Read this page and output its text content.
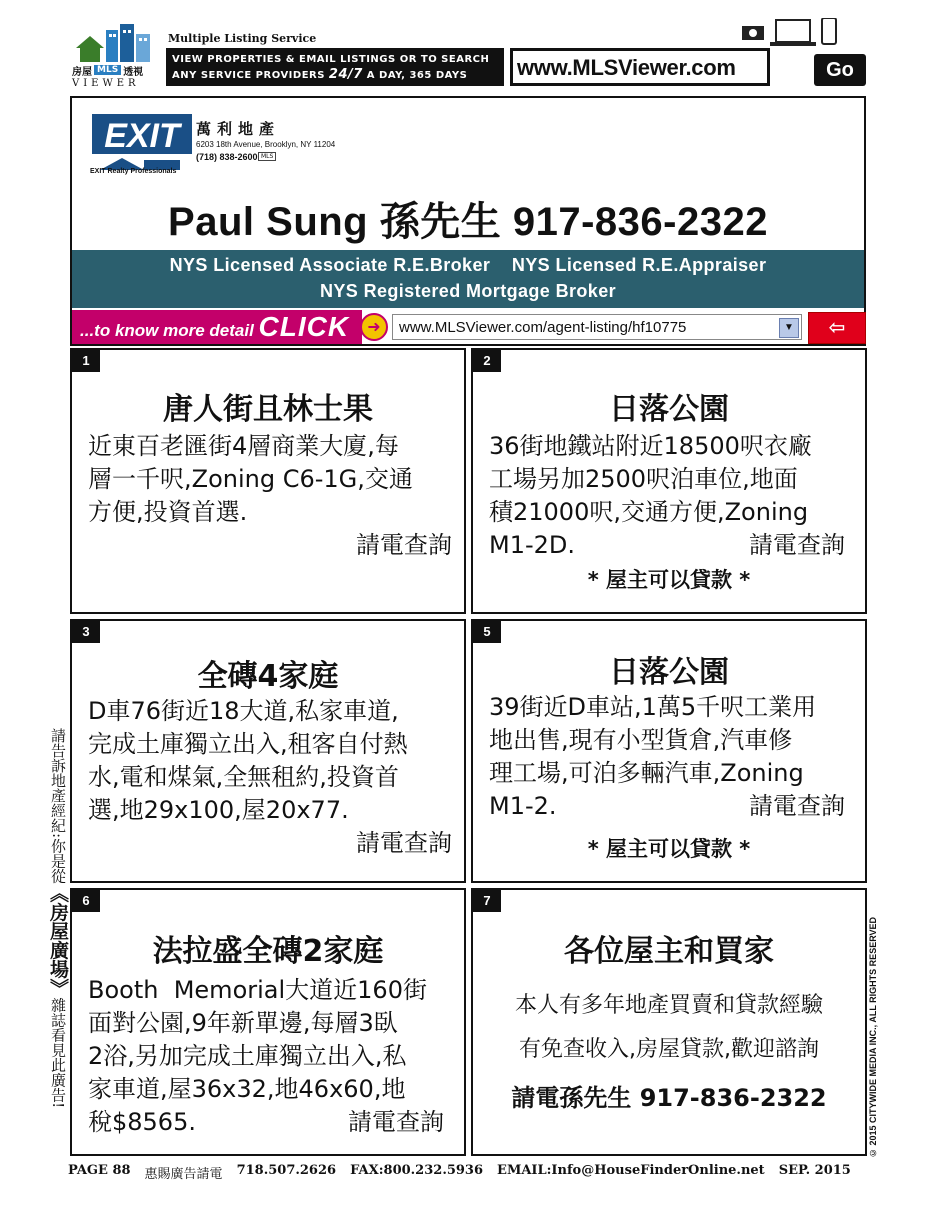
房屋 MLS 透視
VIEWER
Multiple Listing Service
VIEW PROPERTIES & EMAIL LISTINGS OR TO SEARCH
ANY SERVICE PROVIDERS 24/7 A DAY, 365 DAYS	www.MLSViewer.com	Go
EXIT
EXIT Realty Professionals
萬利地產
6203 18th Avenue, Brooklyn, NY 11204
(718) 838-2600 MLS
Paul Sung 孫先生 917-836-2322
NYS Licensed Associate R.E.Broker    NYS Licensed R.E.Appraiser
NYS Registered Mortgage Broker
...to know more detail CLICK	➜	www.MLSViewer.com/agent-listing/hf10775	▼	⇦
1
唐人街且林士果
近東百老匯街4層商業大廈,每
層一千呎,Zoning C6-1G,交通
方便,投資首選.
請電查詢
2
日落公園
36街地鐵站附近18500呎衣廠
工場另加2500呎泊車位,地面
積21000呎,交通方便,Zoning
M1-2D.	請電查詢
* 屋主可以貸款 *
3
全磚4家庭
D車76街近18大道,私家車道,
完成土庫獨立出入,租客自付熱
水,電和煤氣,全無租約,投資首
選,地29x100,屋20x77.
請電查詢
5
日落公園
39街近D車站,1萬5千呎工業用
地出售,現有小型貨倉,汽車修
理工場,可泊多輛汽車,Zoning
M1-2.	請電查詢
* 屋主可以貸款 *
6
法拉盛全磚2家庭
Booth  Memorial大道近160街
面對公園,9年新單邊,每層3臥
2浴,另加完成土庫獨立出入,私
家車道,屋36x32,地46x60,地
稅$8565.	請電查詢
7
各位屋主和買家
本人有多年地產買賣和貸款經驗
有免查收入,房屋貸款,歡迎諮詢
請電孫先生 917-836-2322
請告訴地產經紀:你是從《房屋廣場》雜誌看見此廣告!	© 2015 CITYWIDE MEDIA INC., ALL RIGHTS RESERVED
PAGE 88 惠賜廣告請電 718.507.2626 FAX:800.232.5936 EMAIL:Info@HouseFinderOnline.net SEP. 2015
